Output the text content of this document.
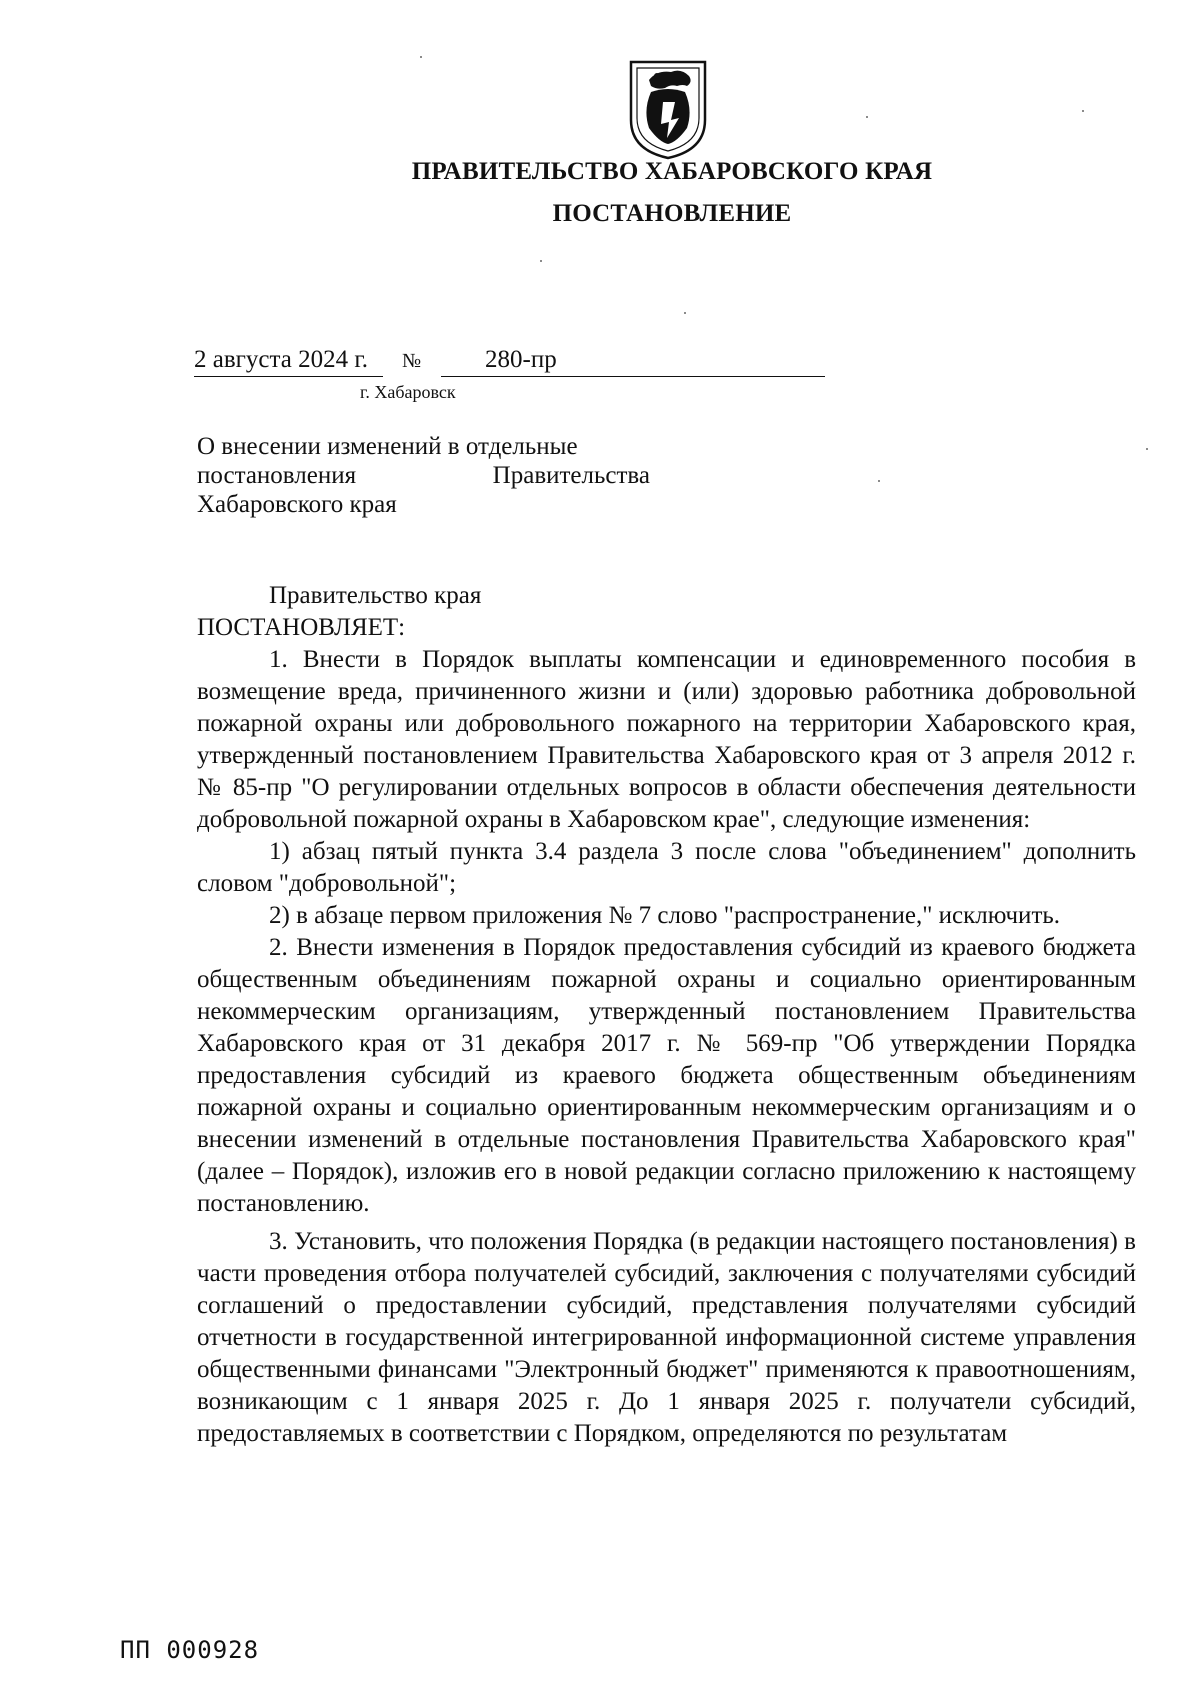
ПРАВИТЕЛЬСТВО ХАБАРОВСКОГО КРАЯ
ПОСТАНОВЛЕНИЕ
2 августа 2024 г.	№	280-пр

г. Хабаровск
О внесении изменений в отдельные
постановления	Правительства
Хабаровского края

Правительство края

ПОСТАНОВЛЯЕТ:

1. Внести в Порядок выплаты компенсации и единовременного пособия в возмещение вреда, причиненного жизни и (или) здоровью работника добровольной пожарной охраны или добровольного пожарного на территории Хабаровского края, утвержденный постановлением Правительства Хабаровского края от 3 апреля 2012 г. № 85-пр "О регулировании отдельных вопросов в области обеспечения деятельности добровольной пожарной охраны в Хабаровском крае", следующие изменения:

1) абзац пятый пункта 3.4 раздела 3 после слова "объединением" дополнить словом "добровольной";

2) в абзаце первом приложения № 7 слово "распространение," исключить.

2. Внести изменения в Порядок предоставления субсидий из краевого бюджета общественным объединениям пожарной охраны и социально ориентированным некоммерческим организациям, утвержденный постановлением Правительства Хабаровского края от 31 декабря 2017 г. № 569-пр "Об утверждении Порядка предоставления субсидий из краевого бюджета общественным объединениям пожарной охраны и социально ориентированным некоммерческим организациям и о внесении изменений в отдельные постановления Правительства Хабаровского края" (далее – Порядок), изложив его в новой редакции согласно приложению к настоящему постановлению.

3. Установить, что положения Порядка (в редакции настоящего постановления) в части проведения отбора получателей субсидий, заключения с получателями субсидий соглашений о предоставлении субсидий, представления получателями субсидий отчетности в государственной интегрированной информационной системе управления общественными финансами "Электронный бюджет" применяются к правоотношениям, возникающим с 1 января 2025 г. До 1 января 2025 г. получатели субсидий, предоставляемых в соответствии с Порядком, определяются по результатам

ПП 000928
